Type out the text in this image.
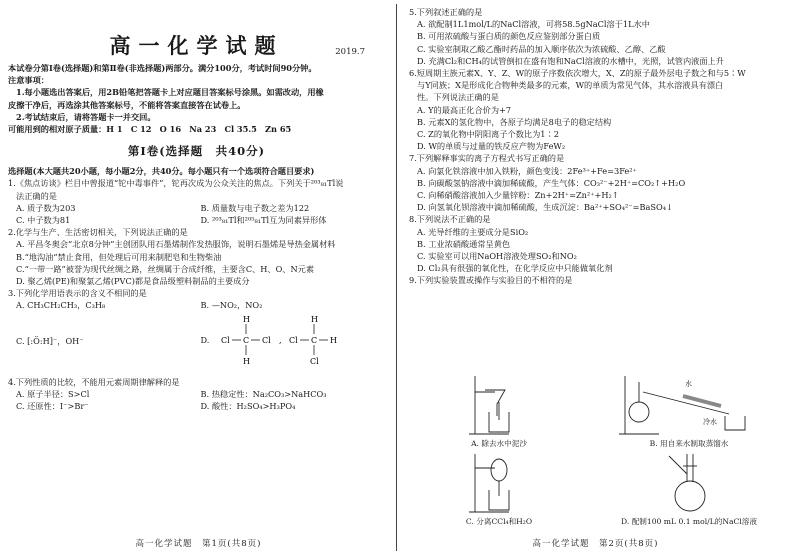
高一化学试题	2019.7
本试卷分第Ⅰ卷(选择题)和第Ⅱ卷(非选择题)两部分。满分100分，考试时间90分钟。
注意事项：
1.每小题选出答案后，用2B铅笔把答题卡上对应题目答案标号涂黑。如需改动，用橡
皮擦干净后，再选涂其他答案标号，不能将答案直接答在试卷上。
2.考试结束后，请将答题卡一并交回。
可能用到的相对原子质量：H 1　C 12　O 16　Na 23　Cl 35.5　Zn 65
第Ⅰ卷(选择题　共40分)
选择题(本大题共20小题，每小题2分，共40分。每小题只有一个选项符合题目要求)
1.《焦点访谈》栏目中曾报道“铊中毒事件”，铊再次成为公众关注的焦点。下列关于²⁰³₈₁Tl说
法正确的是
A. 质子数为203	B. 质量数与电子数之差为122
C. 中子数为81	D. ²⁰³₈₁Tl和²⁰⁵₈₁Tl互为同素异形体
2.化学与生产、生活密切相关，下列说法正确的是
A. 平昌冬奥会“北京8分钟”主创团队用石墨烯制作发热服饰，说明石墨烯是导热金属材料
B.“地沟油”禁止食用，但处理后可用来制肥皂和生物柴油
C.“一带一路”被誉为现代丝绸之路，丝绸属于合成纤维，主要含C、H、O、N元素
D. 聚乙烯(PE)和聚氯乙烯(PVC)都是食品级塑料制品的主要成分
3.下列化学用语表示的含义不相同的是
A. CH₃CH₂CH₃，C₃H₈	B. —NO₂，NO₂
C. [:Ö:H]⁻，OH⁻	D.
H
Cl C Cl
H
,
H
Cl C H
Cl
4.下列性质的比较，不能用元素周期律解释的是
A. 原子半径：S>Cl	B. 热稳定性：Na₂CO₃>NaHCO₃
C. 还原性：I⁻>Br⁻	D. 酸性：H₂SO₄>H₃PO₄
高一化学试题　第1页(共8页)
5.下列叙述正确的是
A. 欲配制1L1mol/L的NaCl溶液，可将58.5gNaCl溶于1L水中
B. 可用浓硫酸与蛋白质的颜色反应鉴别部分蛋白质
C. 实验室制取乙酸乙酯时药品的加入顺序依次为浓硫酸、乙醇、乙酸
D. 充满Cl₂和CH₄的试管倒扣在盛有饱和NaCl溶液的水槽中，光照，试管内液面上升
6.短周期主族元素X、Y、Z、W的原子序数依次增大，X、Z的原子最外层电子数之和与5∶W
与Y同族；X是形成化合物种类最多的元素，W的单质为常见气体，其水溶液具有漂白
性。下列说法正确的是
A. Y的最高正化合价为+7
B. 元素X的氢化物中，各原子均满足8电子的稳定结构
C. Z的氧化物中阴阳离子个数比为1∶2
D. W的单质与过量的铁反应产物为FeW₂
7.下列解释事实的离子方程式书写正确的是
A. 向氯化铁溶液中加入铁粉，颜色变浅：2Fe³⁺+Fe=3Fe²⁺
B. 向碳酸氢钠溶液中滴加稀硫酸，产生气体：CO₃²⁻+2H⁺=CO₂↑+H₂O
C. 向稀硝酸溶液加入少量锌粉：Zn+2H⁺=Zn²⁺+H₂↑
D. 向氢氧化钡溶液中滴加稀硫酸，生成沉淀：Ba²⁺+SO₄²⁻=BaSO₄↓
8.下列说法不正确的是
A. 光导纤维的主要成分是SiO₂
B. 工业浓硝酸通常呈黄色
C. 实验室可以用NaOH溶液处理SO₂和NO₂
D. Cl₂具有很强的氧化性，在化学反应中只能做氧化剂
9.下列实验装置或操作与实验目的不相符的是
A. 除去水中泥沙
水
冷水
B. 用自来水制取蒸馏水
C. 分离CCl₄和H₂O	D. 配制100 mL 0.1 mol/L的NaCl溶液
高一化学试题　第2页(共8页)
